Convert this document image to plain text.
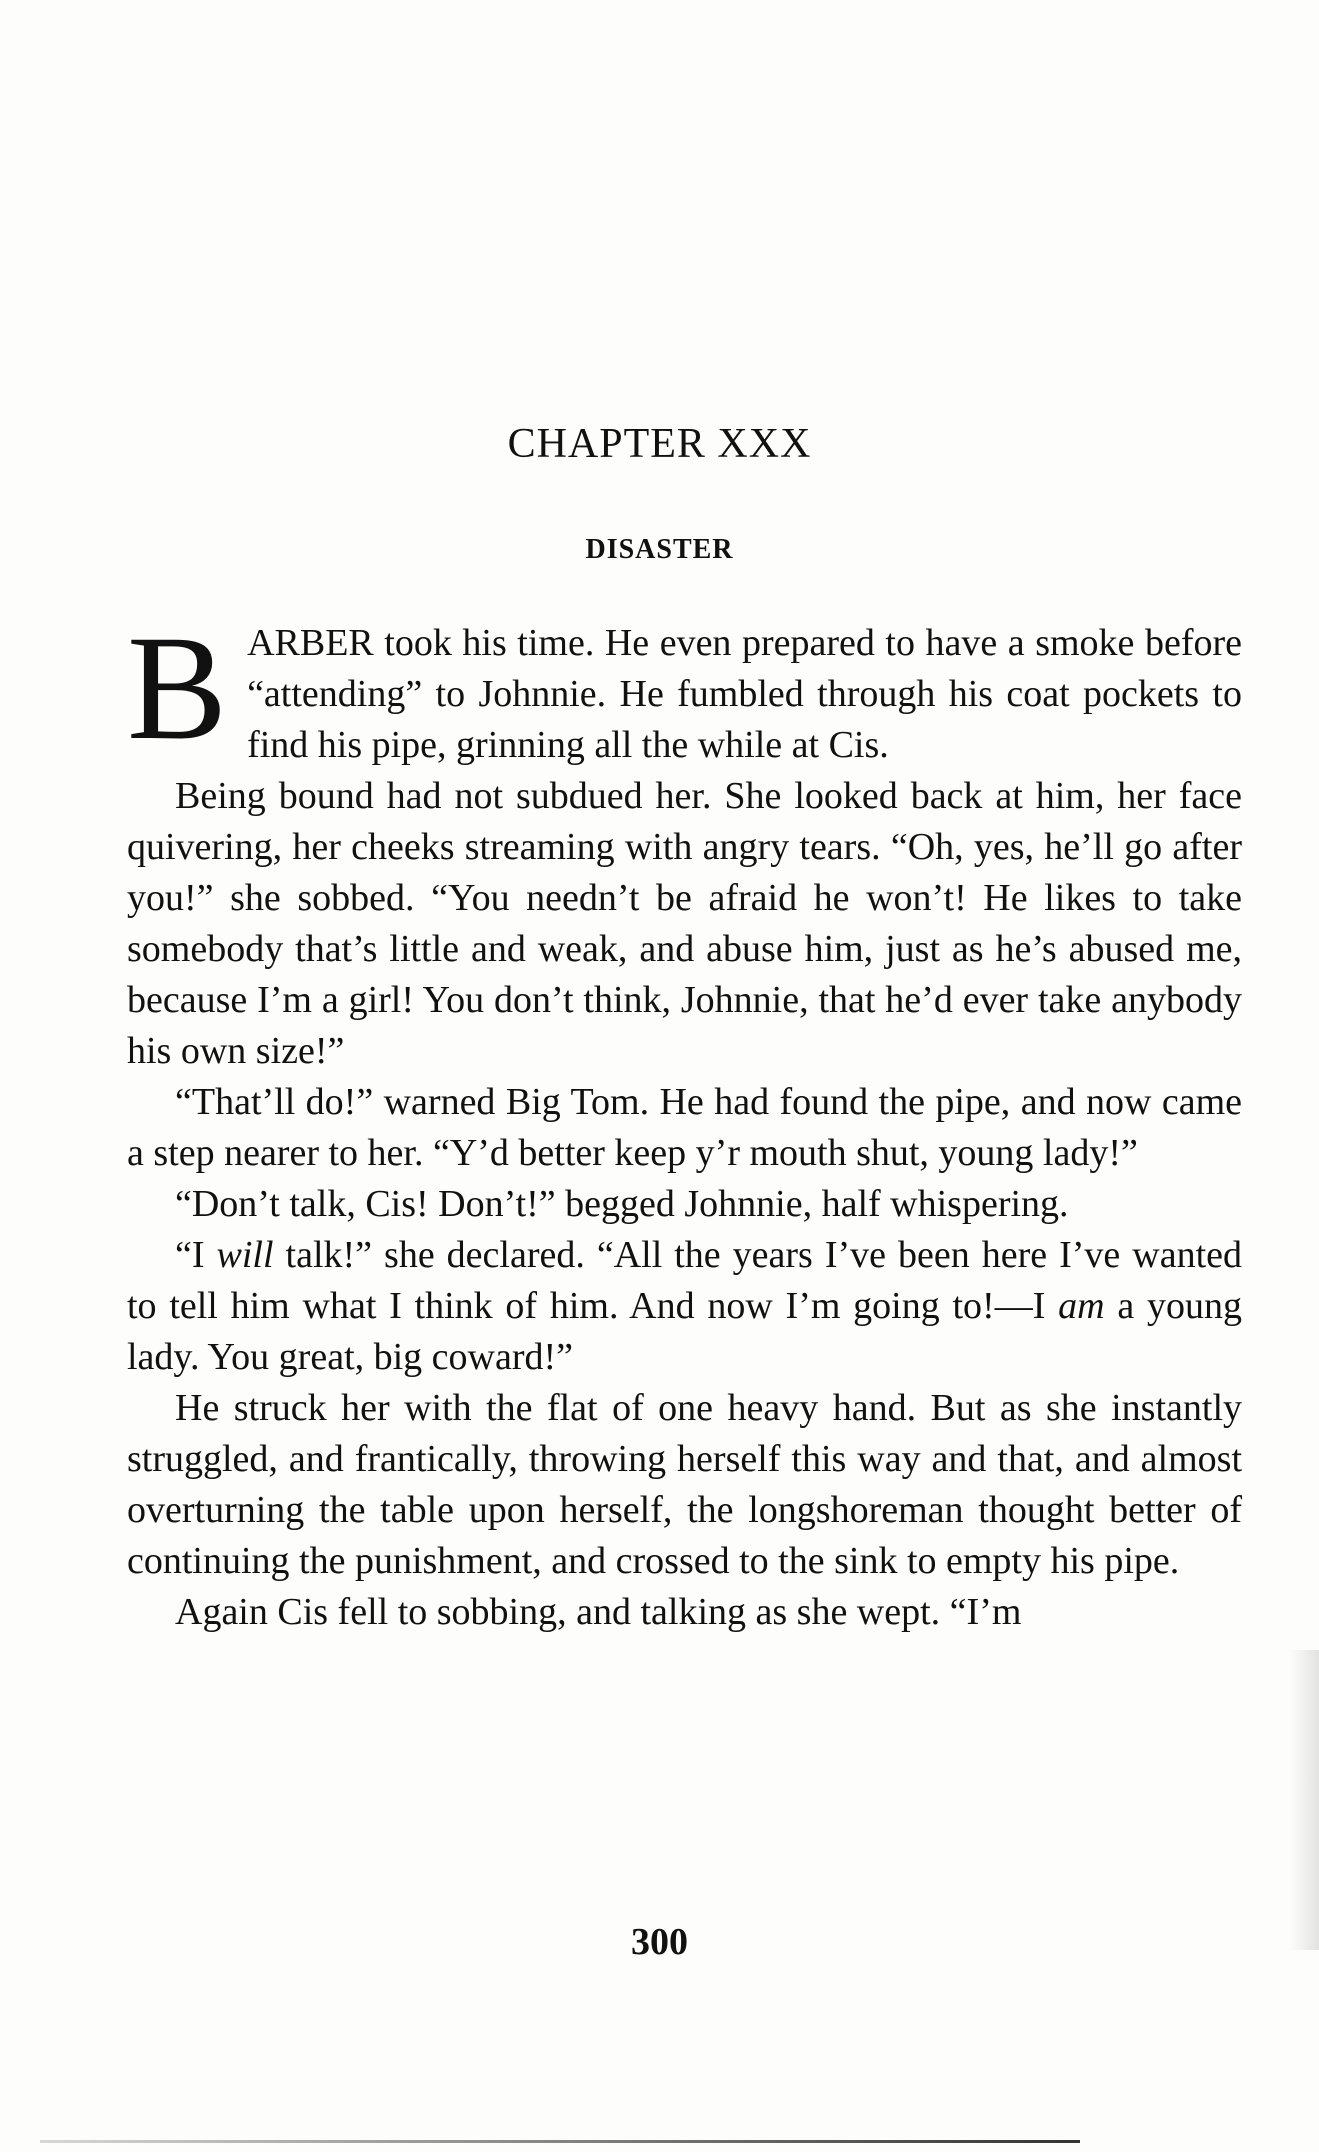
CHAPTER XXX
DISASTER

BARBER took his time. He even prepared to have a smoke before “attending” to Johnnie. He fumbled through his coat pockets to find his pipe, grinning all the while at Cis.

Being bound had not subdued her. She looked back at him, her face quivering, her cheeks streaming with angry tears. “Oh, yes, he’ll go after you!” she sobbed. “You needn’t be afraid he won’t! He likes to take somebody that’s little and weak, and abuse him, just as he’s abused me, because I’m a girl! You don’t think, Johnnie, that he’d ever take anybody his own size!”

“That’ll do!” warned Big Tom. He had found the pipe, and now came a step nearer to her. “Y’d better keep y’r mouth shut, young lady!”

“Don’t talk, Cis! Don’t!” begged Johnnie, half whispering.

“I will talk!” she declared. “All the years I’ve been here I’ve wanted to tell him what I think of him. And now I’m going to!—I am a young lady. You great, big coward!”

He struck her with the flat of one heavy hand. But as she instantly struggled, and frantically, throwing herself this way and that, and almost overturning the table upon herself, the longshoreman thought better of continuing the punishment, and crossed to the sink to empty his pipe.

Again Cis fell to sobbing, and talking as she wept. “I’m

300
